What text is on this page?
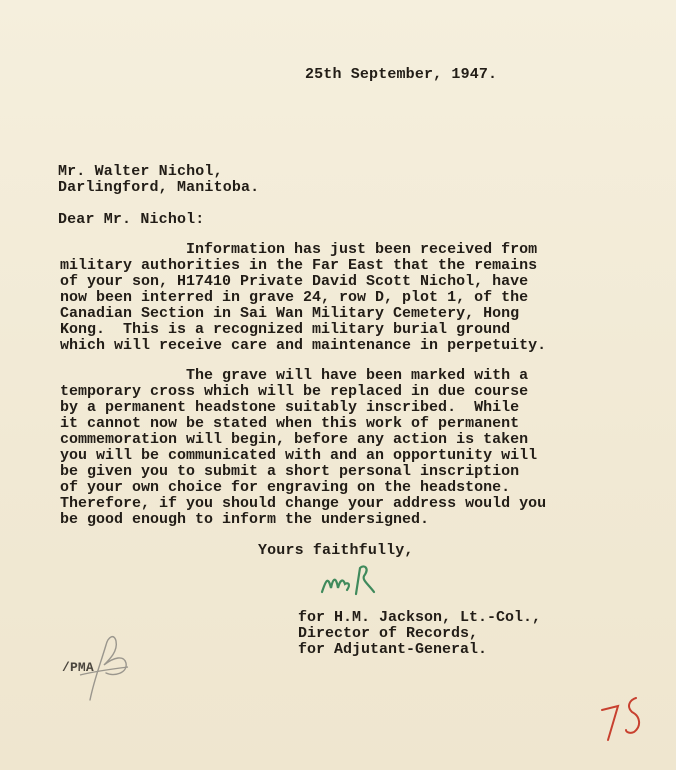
25th September, 1947.
Mr. Walter Nichol,
Darlingford, Manitoba.
Dear Mr. Nichol:
Information has just been received from
military authorities in the Far East that the remains
of your son, H17410 Private David Scott Nichol, have
now been interred in grave 24, row D, plot 1, of the
Canadian Section in Sai Wan Military Cemetery, Hong
Kong.  This is a recognized military burial ground
which will receive care and maintenance in perpetuity.
The grave will have been marked with a
temporary cross which will be replaced in due course
by a permanent headstone suitably inscribed.  While
it cannot now be stated when this work of permanent
commemoration will begin, before any action is taken
you will be communicated with and an opportunity will
be given you to submit a short personal inscription
of your own choice for engraving on the headstone.
Therefore, if you should change your address would you
be good enough to inform the undersigned.
Yours faithfully,
for H.M. Jackson, Lt.-Col.,
Director of Records,
for Adjutant-General.
/PMA
